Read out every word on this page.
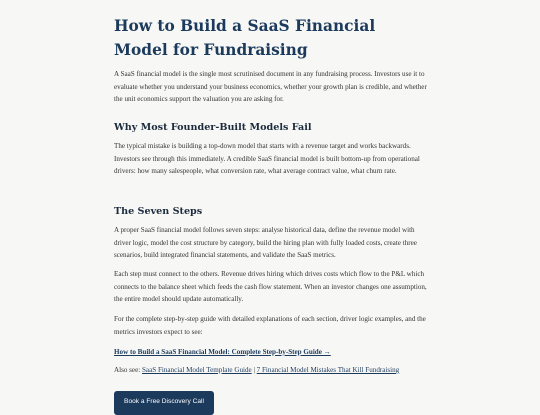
How to Build a SaaS Financial Model for Fundraising

A SaaS financial model is the single most scrutinised document in any fundraising process. Investors use it to evaluate whether you understand your business economics, whether your growth plan is credible, and whether the unit economics support the valuation you are asking for.

Why Most Founder-Built Models Fail

The typical mistake is building a top-down model that starts with a revenue target and works backwards. Investors see through this immediately. A credible SaaS financial model is built bottom-up from operational drivers: how many salespeople, what conversion rate, what average contract value, what churn rate.

The Seven Steps

A proper SaaS financial model follows seven steps: analyse historical data, define the revenue model with driver logic, model the cost structure by category, build the hiring plan with fully loaded costs, create three scenarios, build integrated financial statements, and validate the SaaS metrics.

Each step must connect to the others. Revenue drives hiring which drives costs which flow to the P&L which connects to the balance sheet which feeds the cash flow statement. When an investor changes one assumption, the entire model should update automatically.

For the complete step-by-step guide with detailed explanations of each section, driver logic examples, and the metrics investors expect to see:

How to Build a SaaS Financial Model: Complete Step-by-Step Guide →

Also see: SaaS Financial Model Template Guide | 7 Financial Model Mistakes That Kill Fundraising

Book a Free Discovery Call
